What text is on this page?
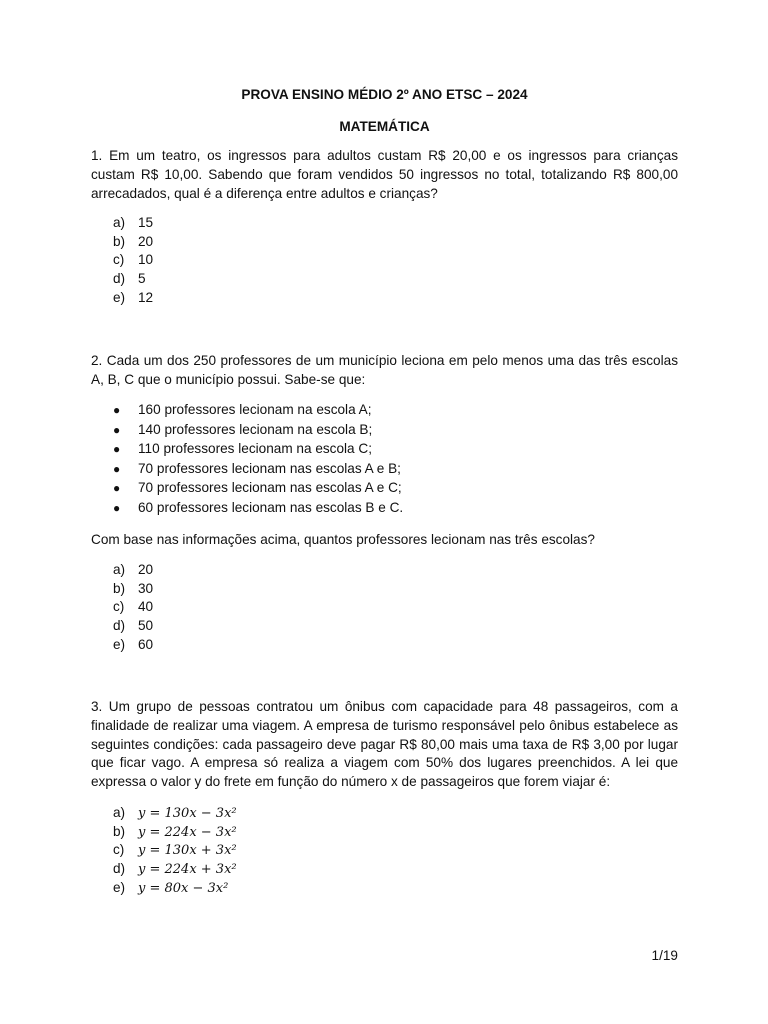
PROVA ENSINO MÉDIO 2º ANO ETSC – 2024
MATEMÁTICA
1. Em um teatro, os ingressos para adultos custam R$ 20,00 e os ingressos para crianças custam R$ 10,00. Sabendo que foram vendidos 50 ingressos no total, totalizando R$ 800,00 arrecadados, qual é a diferença entre adultos e crianças?
a) 15
b) 20
c) 10
d) 5
e) 12
2. Cada um dos 250 professores de um município leciona em pelo menos uma das três escolas A, B, C que o município possui. Sabe-se que:
● 160 professores lecionam na escola A;
● 140 professores lecionam na escola B;
● 110 professores lecionam na escola C;
● 70 professores lecionam nas escolas A e B;
● 70 professores lecionam nas escolas A e C;
● 60 professores lecionam nas escolas B e C.
Com base nas informações acima, quantos professores lecionam nas três escolas?
a) 20
b) 30
c) 40
d) 50
e) 60
3. Um grupo de pessoas contratou um ônibus com capacidade para 48 passageiros, com a finalidade de realizar uma viagem. A empresa de turismo responsável pelo ônibus estabelece as seguintes condições: cada passageiro deve pagar R$ 80,00 mais uma taxa de R$ 3,00 por lugar que ficar vago. A empresa só realiza a viagem com 50% dos lugares preenchidos. A lei que expressa o valor y do frete em função do número x de passageiros que forem viajar é:
a) y = 130x − 3x²
b) y = 224x − 3x²
c) y = 130x + 3x²
d) y = 224x + 3x²
e) y = 80x − 3x²
1/19
